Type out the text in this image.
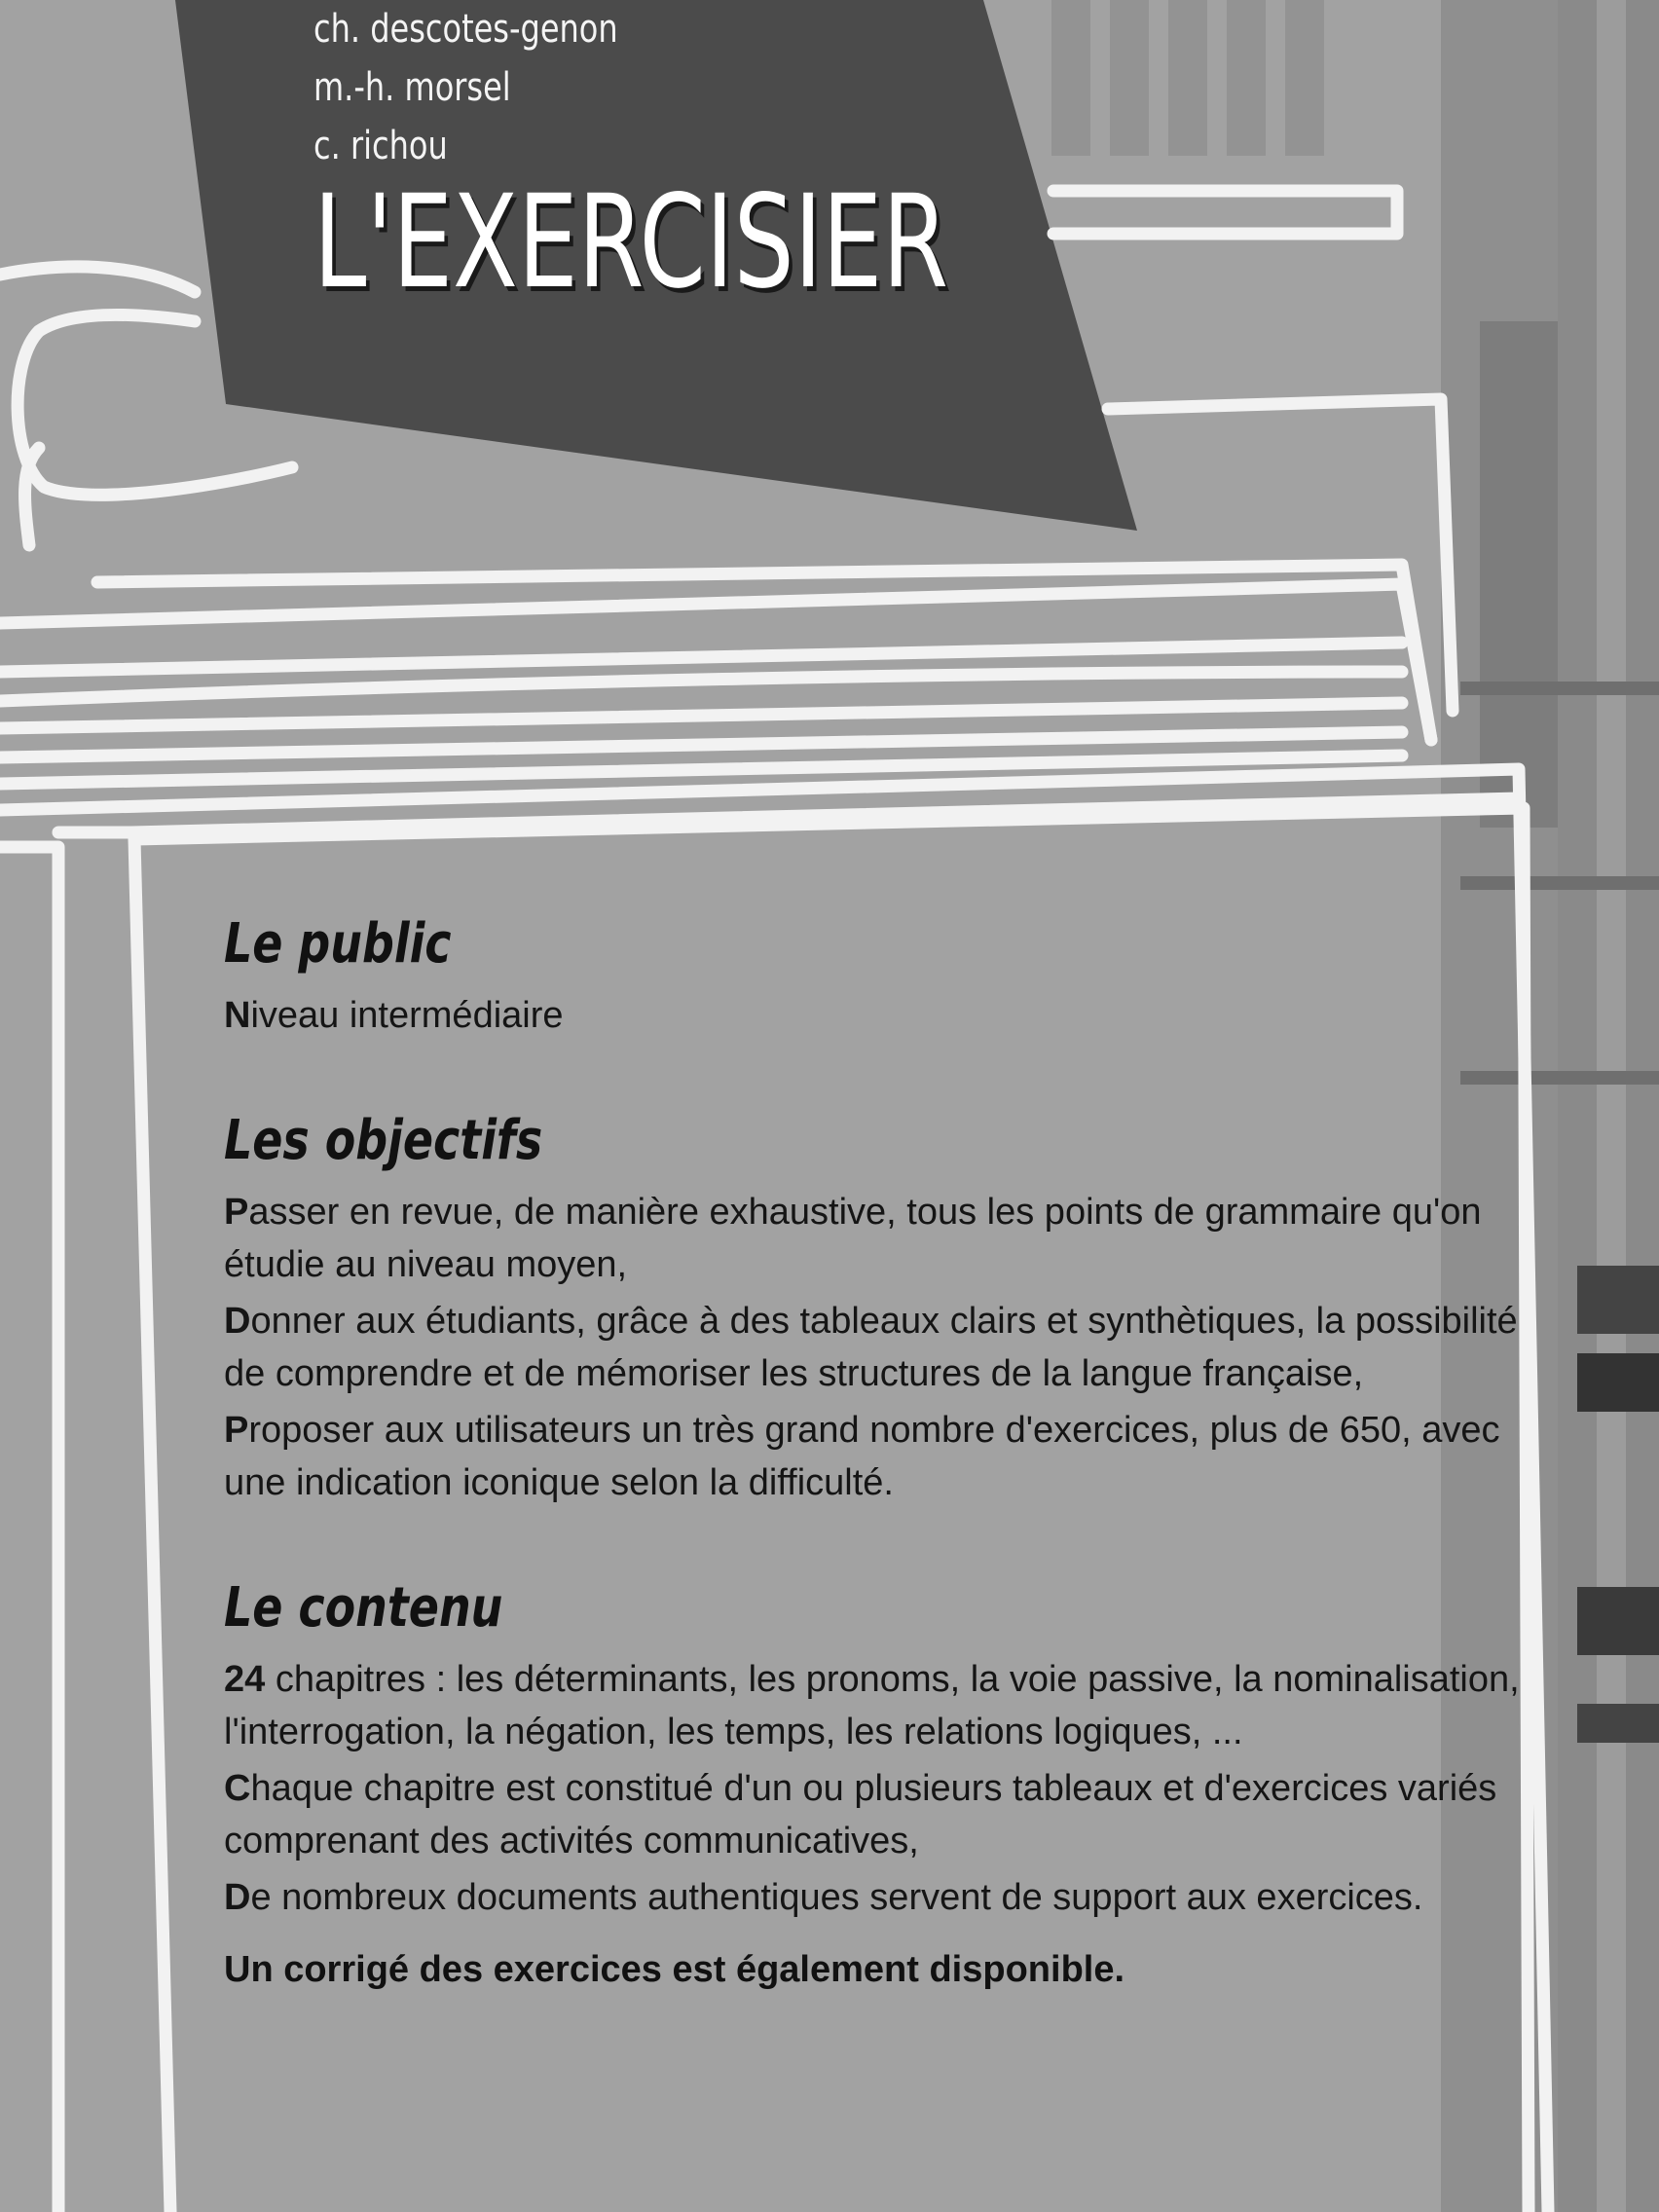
ch. descotes-genon
m.-h. morsel
c. richou
L'EXERCISIER
Le public
Niveau intermédiaire
Les objectifs
Passer en revue, de manière exhaustive, tous les points de grammaire qu'on étudie au niveau moyen,
Donner aux étudiants, grâce à des tableaux clairs et synthètiques, la possibilité de comprendre et de mémoriser les structures de la langue française,
Proposer aux utilisateurs un très grand nombre d'exercices, plus de 650, avec une indication iconique selon la difficulté.
Le contenu
24 chapitres : les déterminants, les pronoms, la voie passive, la nominalisation, l'interrogation, la négation, les temps, les relations logiques, ...
Chaque chapitre est constitué d'un ou plusieurs tableaux et d'exercices variés comprenant des activités communicatives,
De nombreux documents authentiques servent de support aux exercices.
Un corrigé des exercices est également disponible.
